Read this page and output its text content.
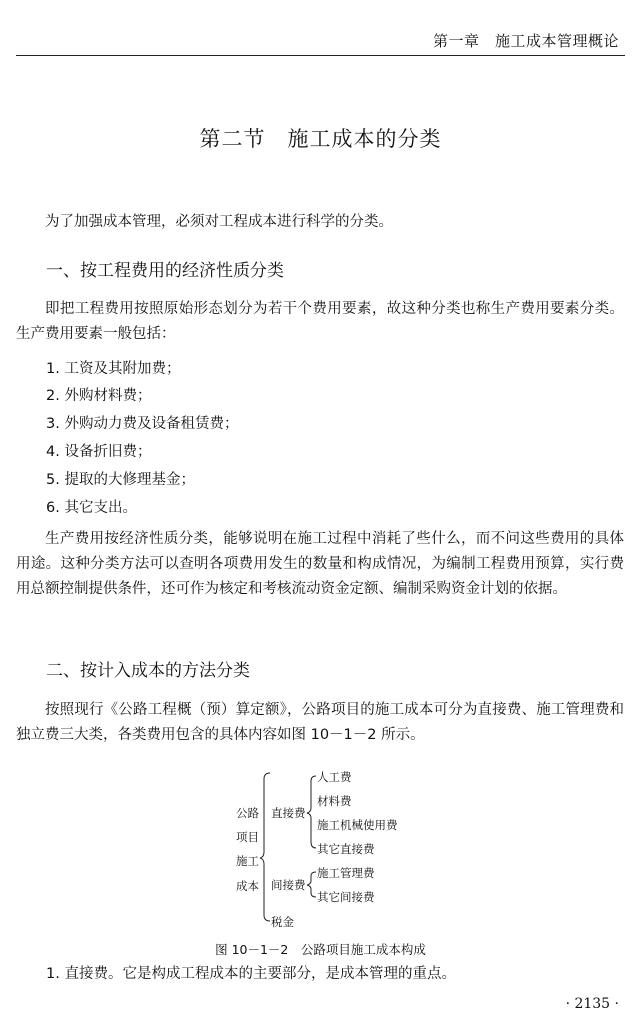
第一章　施工成本管理概论
第二节　施工成本的分类

为了加强成本管理，必须对工程成本进行科学的分类。

一、按工程费用的经济性质分类

即把工程费用按照原始形态划分为若干个费用要素，故这种分类也称生产费用要素分类。生产费用要素一般包括：

1. 工资及其附加费；
2. 外购材料费；
3. 外购动力费及设备租赁费；
4. 设备折旧费；
5. 提取的大修理基金；
6. 其它支出。

生产费用按经济性质分类，能够说明在施工过程中消耗了些什么，而不问这些费用的具体用途。这种分类方法可以查明各项费用发生的数量和构成情况，为编制工程费用预算，实行费用总额控制提供条件，还可作为核定和考核流动资金定额、编制采购资金计划的依据。

二、按计入成本的方法分类

按照现行《公路工程概（预）算定额》，公路项目的施工成本可分为直接费、施工管理费和独立费三大类，各类费用包含的具体内容如图 10－1－2 所示。

公路
项目
施工
成本
直接费
人工费
材料费
施工机械使用费
其它直接费
间接费
施工管理费
其它间接费
税金
图 10－1－2　公路项目施工成本构成

1. 直接费。它是构成工程成本的主要部分，是成本管理的重点。

· 2135 ·
